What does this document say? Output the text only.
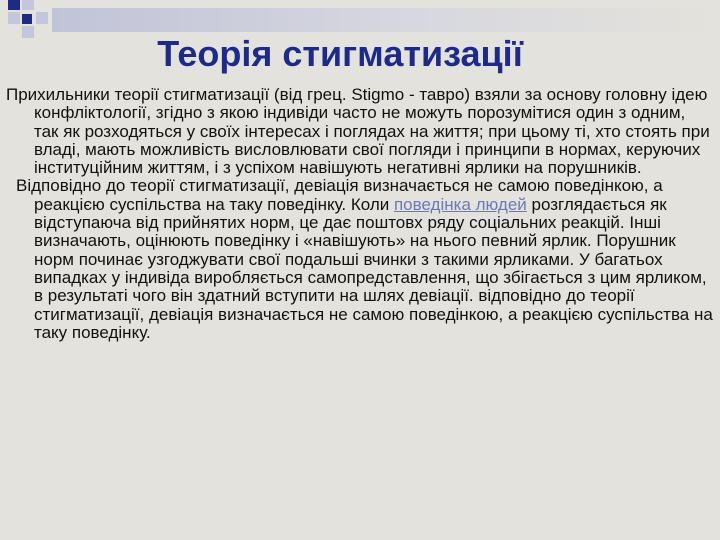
Теорія стигматизації

Прихильники теорії стигматизації (від грец. Stigmo - тавро) взяли за основу головну ідею конфліктології, згідно з якою індивіди часто не можуть порозумітися один з одним, так як розходяться у своїх інтересах і поглядах на життя; при цьому ті, хто стоять при владі, мають можливість висловлювати свої погляди і принципи в нормах, керуючих інституційним життям, і з успіхом навішують негативні ярлики на порушників.

Відповідно до теорії стигматизації, девіація визначається не самою поведінкою, а реакцією суспільства на таку поведінку. Коли поведінка людей розглядається як відступаюча від прийнятих норм, це дає поштовх ряду соціальних реакцій. Інші визначають, оцінюють поведінку і «навішують» на нього певний ярлик. Порушник норм починає узгоджувати свої подальші вчинки з такими ярликами. У багатьох випадках у індивіда виробляється самопредставлення, що збігається з цим ярликом, в результаті чого він здатний вступити на шлях девіації. відповідно до теорії стигматизації, девіація визначається не самою поведінкою, а реакцією суспільства на таку поведінку.
